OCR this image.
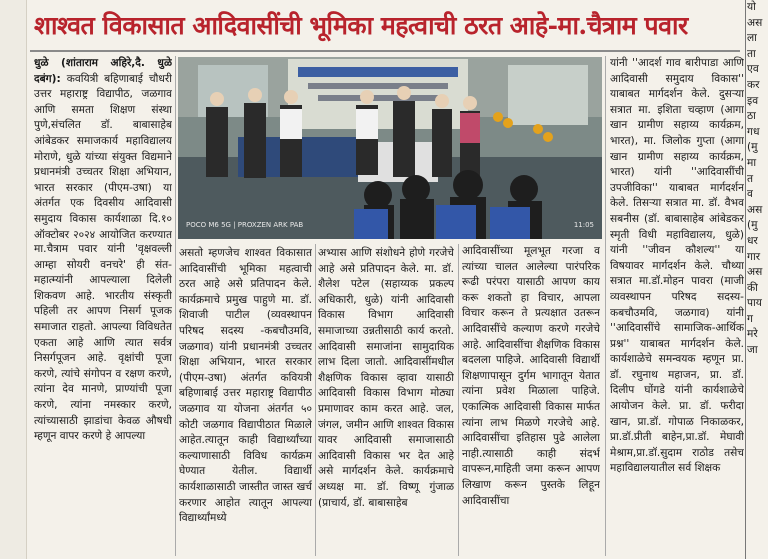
शाश्वत विकासात आदिवासींची भूमिका महत्वाची ठरत आहे-मा.चैत्राम पवार

धुळे (शांताराम अहिरे,दै. धुळे दबंग): कवयित्री बहिणाबाई चौधरी उत्तर महाराष्ट्र विद्यापीठ, जळगाव आणि समता शिक्षण संस्था पुणे,संचलित डॉ. बाबासाहेब आंबेडकर समाजकार्य महाविद्यालय मोराणे, धुळे यांच्या संयुक्त विद्यमाने प्रधानमंत्री उच्चतर शिक्षा अभियान, भारत सरकार (पीएम-उषा) या अंतर्गत एक दिवसीय आदिवासी समुदाय विकास कार्यशाळा दि.१० ऑक्टोबर २०२४ आयोजित करण्यात

मा.चैत्राम पवार यांनी 'वृक्षवल्ली आम्हा सोयरी वनचरे' ही संत-महात्म्यांनी आपल्याला दिलेली शिकवण आहे. भारतीय संस्कृती पहिली तर आपण निसर्ग पूजक समाजात राहतो. आपल्या विविधतेत एकता आहे आणि त्यात सर्वत्र निसर्गपूजन आहे. वृक्षांची पूजा करणे, त्यांचे संगोपन व रक्षण करणे, त्यांना देव मानणे, प्राण्यांची पूजा करणे, त्यांना नमस्कार करणे, त्यांच्यासाठी झाडांचा केवळ औषधी म्हणून वापर करणे हे आपल्या

POCO M6 5G | PROXZEN ARK PAB	11:05

असतो म्हणजेच शाश्वत विकासात आदिवासींची भूमिका महत्वाची ठरत आहे असे प्रतिपादन केले. कार्यक्रमाचे प्रमुख पाहुणे मा. डॉ. शिवाजी पाटील (व्यवस्थापन परिषद सदस्य -कबचौउमवि, जळगाव) यांनी प्रधानमंत्री उच्चतर शिक्षा अभियान, भारत सरकार (पीएम-उषा) अंतर्गत कवियत्री बहिणाबाई उत्तर महाराष्ट्र विद्यापीठ जळगाव या योजना अंतर्गत ५० कोटी जळगाव विद्यापीठात मिळाले आहेत.त्यातून काही विद्यार्थ्यांच्या कल्याणासाठी विविध कार्यक्रम घेण्यात येतील. विद्यार्थी कार्यशाळासाठी जास्तीत जास्त खर्च करणार आहोत त्यातून आपल्या विद्यार्थ्यांमध्ये

अभ्यास आणि संशोधने होणे गरजेचे आहे असे प्रतिपादन केले. मा. डॉ. शैलेश पटेल (सहाय्यक प्रकल्प अधिकारी, धुळे) यांनी आदिवासी विकास विभाग आदिवासी समाजाच्या उन्नतीसाठी कार्य करतो. आदिवासी समाजांना सामुदायिक लाभ दिला जातो. आदिवासींमधील शैक्षणिक विकास व्हावा यासाठी आदिवासी विकास विभाग मोठ्या प्रमाणावर काम करत आहे. जल, जंगल, जमीन आणि शाश्वत विकास यावर आदिवासी समाजासाठी आदिवासी विकास भर देत आहे असे मार्गदर्शन केले. कार्यक्रमाचे अध्यक्ष मा. डॉ. विष्णू गुंजाळ (प्राचार्य, डॉ. बाबासाहेब

आदिवासींच्या मूलभूत गरजा व त्यांच्या चालत आलेल्या पारंपरिक रूढी परंपरा यासाठी आपण काय करू शकतो हा विचार, आपला विचार करून ते प्रत्यक्षात उतरून आदिवासींचे कल्याण करणे गरजेचे आहे. आदिवासींचा शैक्षणिक विकास बदलला पाहिजे. आदिवासी विद्यार्थी शिक्षणापासून दुर्गम भागातून येतात त्यांना प्रवेश मिळाला पाहिजे. एकात्मिक आदिवासी विकास मार्फत त्यांना लाभ मिळणे गरजेचे आहे. आदिवासींचा इतिहास पुढे आलेला नाही.त्यासाठी काही संदर्भ वापरून,माहिती जमा करून आपण लिखाण करून पुस्तके लिहून आदिवासींचा

यांनी ''आदर्श गाव बारीपाडा आणि आदिवासी समुदाय विकास'' याबाबत मार्गदर्शन केले. दुसऱ्या सत्रात मा. इशिता चव्हाण (आगा खान ग्रामीण सहाय्य कार्यक्रम, भारत), मा. जिलोक गुप्ता (आगा खान ग्रामीण सहाय्य कार्यक्रम, भारत) यांनी ''आदिवासींची उपजीविका'' याबाबत मार्गदर्शन केले. तिसऱ्या सत्रात मा. डॉ. वैभव सबनीस (डॉ. बाबासाहेब आंबेडकर स्मृती विधी महाविद्यालय, धुळे) यांनी ''जीवन कौशल्य'' या विषयावर मार्गदर्शन केले. चौथ्या सत्रात मा.डॉ.मोहन पावरा (माजी व्यवस्थापन परिषद सदस्य-कबचौउमवि, जळगाव) यांनी ''आदिवासींचे सामाजिक-आर्थिक प्रश्न'' याबाबत मार्गदर्शन केले. कार्यशाळेचे समन्वयक म्हणून प्रा. डॉ. रघुनाथ महाजन, प्रा. डॉ. दिलीप घोंगडे यांनी कार्यशाळेचे आयोजन केले. प्रा. डॉ. फरीदा खान, प्रा.डॉ. गोपाळ निकाळकर, प्रा.डॉ.प्रीती बाहेन,प्रा.डॉ. मेघावी मेश्राम,प्रा.डॉ.सुदाम राठोड तसेच महाविद्यालयातील सर्व शिक्षक

यो
अस
ला
ता
एव
कर
इव
ठा
गध
(मु
मा
त
व
अस
(मु
धर
गार
अस
की
पाय
ग
मरे
जा
